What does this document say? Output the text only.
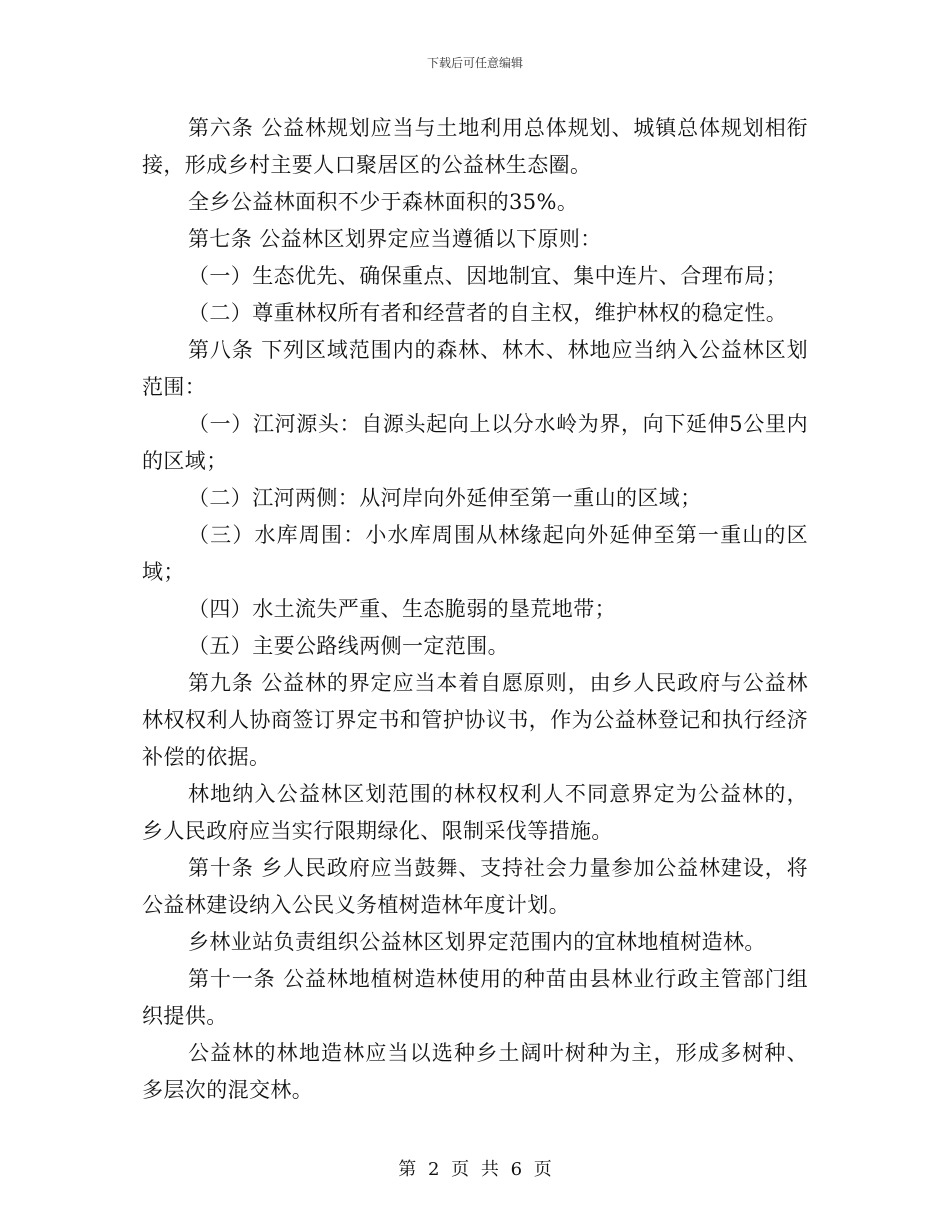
下载后可任意编辑

第六条 公益林规划应当与土地利用总体规划、城镇总体规划相衔接，形成乡村主要人口聚居区的公益林生态圈。

全乡公益林面积不少于森林面积的35%。

第七条 公益林区划界定应当遵循以下原则：

（一）生态优先、确保重点、因地制宜、集中连片、合理布局；

（二）尊重林权所有者和经营者的自主权，维护林权的稳定性。

第八条 下列区域范围内的森林、林木、林地应当纳入公益林区划范围：

（一）江河源头：自源头起向上以分水岭为界，向下延伸5公里内的区域；

（二）江河两侧：从河岸向外延伸至第一重山的区域；

（三）水库周围：小水库周围从林缘起向外延伸至第一重山的区域；

（四）水土流失严重、生态脆弱的垦荒地带；

（五）主要公路线两侧一定范围。

第九条 公益林的界定应当本着自愿原则，由乡人民政府与公益林林权权利人协商签订界定书和管护协议书，作为公益林登记和执行经济补偿的依据。

林地纳入公益林区划范围的林权权利人不同意界定为公益林的，乡人民政府应当实行限期绿化、限制采伐等措施。

第十条 乡人民政府应当鼓舞、支持社会力量参加公益林建设，将公益林建设纳入公民义务植树造林年度计划。

乡林业站负责组织公益林区划界定范围内的宜林地植树造林。

第十一条 公益林地植树造林使用的种苗由县林业行政主管部门组织提供。

公益林的林地造林应当以选种乡土阔叶树种为主，形成多树种、多层次的混交林。

第 2 页 共 6 页
